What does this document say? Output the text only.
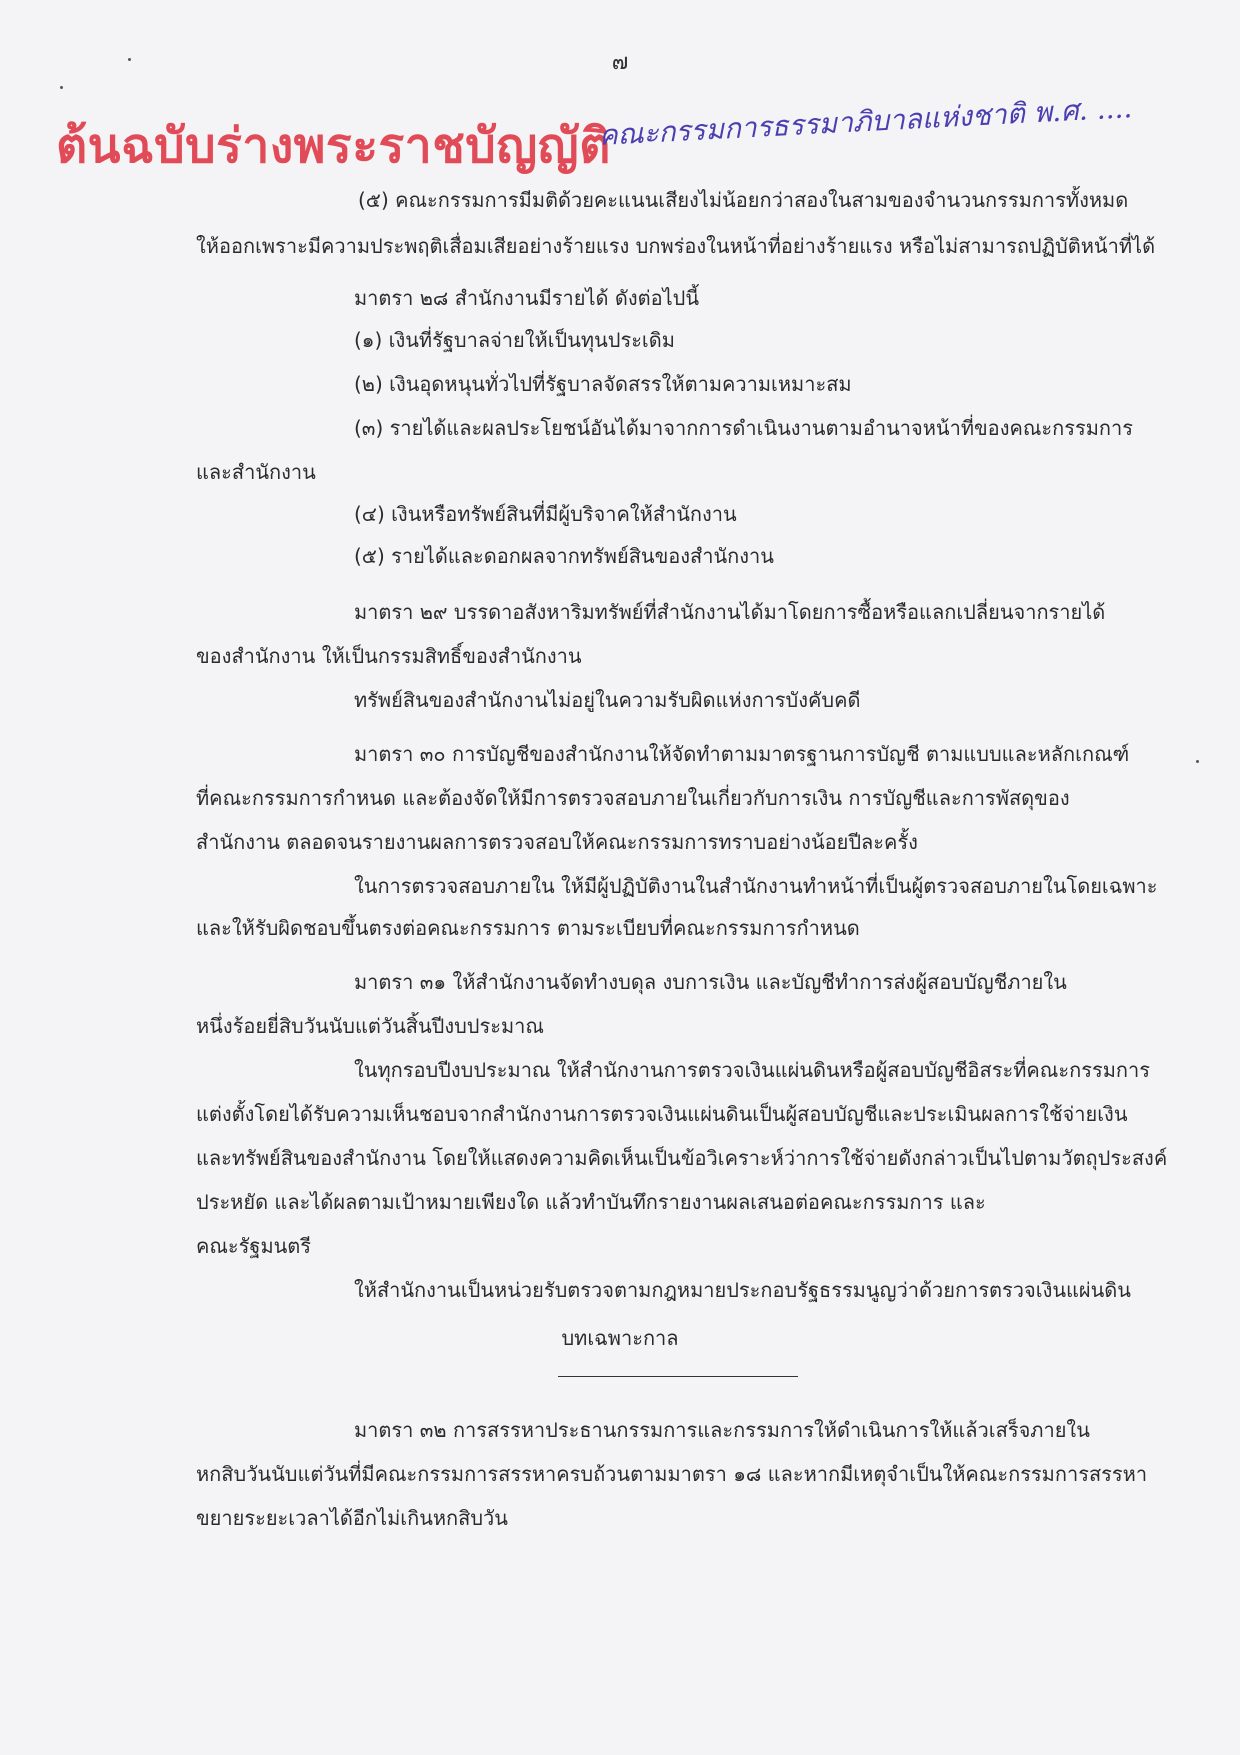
๗
ต้นฉบับร่างพระราชบัญญัติ
คณะกรรมการธรรมาภิบาลแห่งชาติ พ.ศ. ....
(๕) คณะกรรมการมีมติด้วยคะแนนเสียงไม่น้อยกว่าสองในสามของจำนวนกรรมการทั้งหมด
ให้ออกเพราะมีความประพฤติเสื่อมเสียอย่างร้ายแรง บกพร่องในหน้าที่อย่างร้ายแรง หรือไม่สามารถปฏิบัติหน้าที่ได้
มาตรา ๒๘ สำนักงานมีรายได้ ดังต่อไปนี้
(๑) เงินที่รัฐบาลจ่ายให้เป็นทุนประเดิม
(๒) เงินอุดหนุนทั่วไปที่รัฐบาลจัดสรรให้ตามความเหมาะสม
(๓) รายได้และผลประโยชน์อันได้มาจากการดำเนินงานตามอำนาจหน้าที่ของคณะกรรมการ
และสำนักงาน
(๔) เงินหรือทรัพย์สินที่มีผู้บริจาคให้สำนักงาน
(๕) รายได้และดอกผลจากทรัพย์สินของสำนักงาน
มาตรา ๒๙ บรรดาอสังหาริมทรัพย์ที่สำนักงานได้มาโดยการซื้อหรือแลกเปลี่ยนจากรายได้
ของสำนักงาน ให้เป็นกรรมสิทธิ์ของสำนักงาน
ทรัพย์สินของสำนักงานไม่อยู่ในความรับผิดแห่งการบังคับคดี
มาตรา ๓๐ การบัญชีของสำนักงานให้จัดทำตามมาตรฐานการบัญชี ตามแบบและหลักเกณฑ์
ที่คณะกรรมการกำหนด และต้องจัดให้มีการตรวจสอบภายในเกี่ยวกับการเงิน การบัญชีและการพัสดุของ
สำนักงาน ตลอดจนรายงานผลการตรวจสอบให้คณะกรรมการทราบอย่างน้อยปีละครั้ง
ในการตรวจสอบภายใน ให้มีผู้ปฏิบัติงานในสำนักงานทำหน้าที่เป็นผู้ตรวจสอบภายในโดยเฉพาะ
และให้รับผิดชอบขึ้นตรงต่อคณะกรรมการ ตามระเบียบที่คณะกรรมการกำหนด
มาตรา ๓๑ ให้สำนักงานจัดทำงบดุล งบการเงิน และบัญชีทำการส่งผู้สอบบัญชีภายใน
หนึ่งร้อยยี่สิบวันนับแต่วันสิ้นปีงบประมาณ
ในทุกรอบปีงบประมาณ ให้สำนักงานการตรวจเงินแผ่นดินหรือผู้สอบบัญชีอิสระที่คณะกรรมการ
แต่งตั้งโดยได้รับความเห็นชอบจากสำนักงานการตรวจเงินแผ่นดินเป็นผู้สอบบัญชีและประเมินผลการใช้จ่ายเงิน
และทรัพย์สินของสำนักงาน โดยให้แสดงความคิดเห็นเป็นข้อวิเคราะห์ว่าการใช้จ่ายดังกล่าวเป็นไปตามวัตถุประสงค์
ประหยัด และได้ผลตามเป้าหมายเพียงใด แล้วทำบันทึกรายงานผลเสนอต่อคณะกรรมการ และ
คณะรัฐมนตรี
ให้สำนักงานเป็นหน่วยรับตรวจตามกฎหมายประกอบรัฐธรรมนูญว่าด้วยการตรวจเงินแผ่นดิน
บทเฉพาะกาล
มาตรา ๓๒ การสรรหาประธานกรรมการและกรรมการให้ดำเนินการให้แล้วเสร็จภายใน
หกสิบวันนับแต่วันที่มีคณะกรรมการสรรหาครบถ้วนตามมาตรา ๑๘ และหากมีเหตุจำเป็นให้คณะกรรมการสรรหา
ขยายระยะเวลาได้อีกไม่เกินหกสิบวัน
